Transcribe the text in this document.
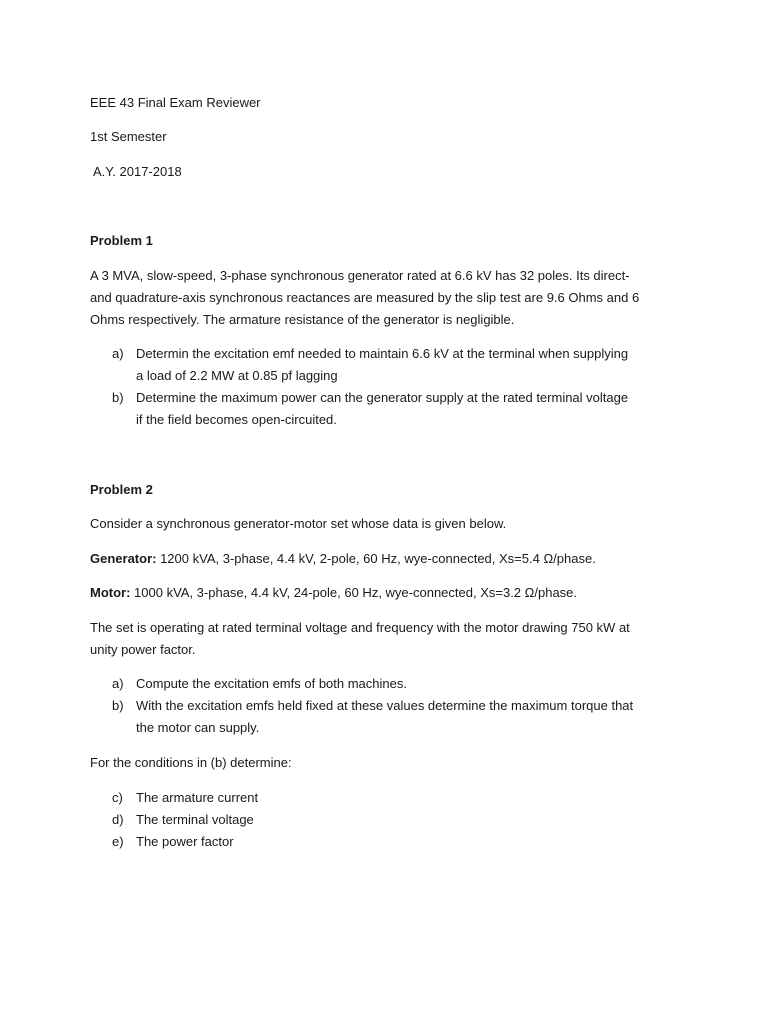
EEE 43 Final Exam Reviewer
1st Semester
A.Y. 2017-2018
Problem 1
A 3 MVA, slow-speed, 3-phase synchronous generator rated at 6.6 kV has 32 poles. Its direct-
and quadrature-axis synchronous reactances are measured by the slip test are 9.6 Ohms and 6
Ohms respectively. The armature resistance of the generator is negligible.
a) Determin the excitation emf needed to maintain 6.6 kV at the terminal when supplying
a load of 2.2 MW at 0.85 pf lagging
b) Determine the maximum power can the generator supply at the rated terminal voltage
if the field becomes open-circuited.
Problem 2
Consider a synchronous generator-motor set whose data is given below.
Generator: 1200 kVA, 3-phase, 4.4 kV, 2-pole, 60 Hz, wye-connected, Xs=5.4 Ω/phase.
Motor: 1000 kVA, 3-phase, 4.4 kV, 24-pole, 60 Hz, wye-connected, Xs=3.2 Ω/phase.
The set is operating at rated terminal voltage and frequency with the motor drawing 750 kW at
unity power factor.
a) Compute the excitation emfs of both machines.
b) With the excitation emfs held fixed at these values determine the maximum torque that
the motor can supply.
For the conditions in (b) determine:
c) The armature current
d) The terminal voltage
e) The power factor
